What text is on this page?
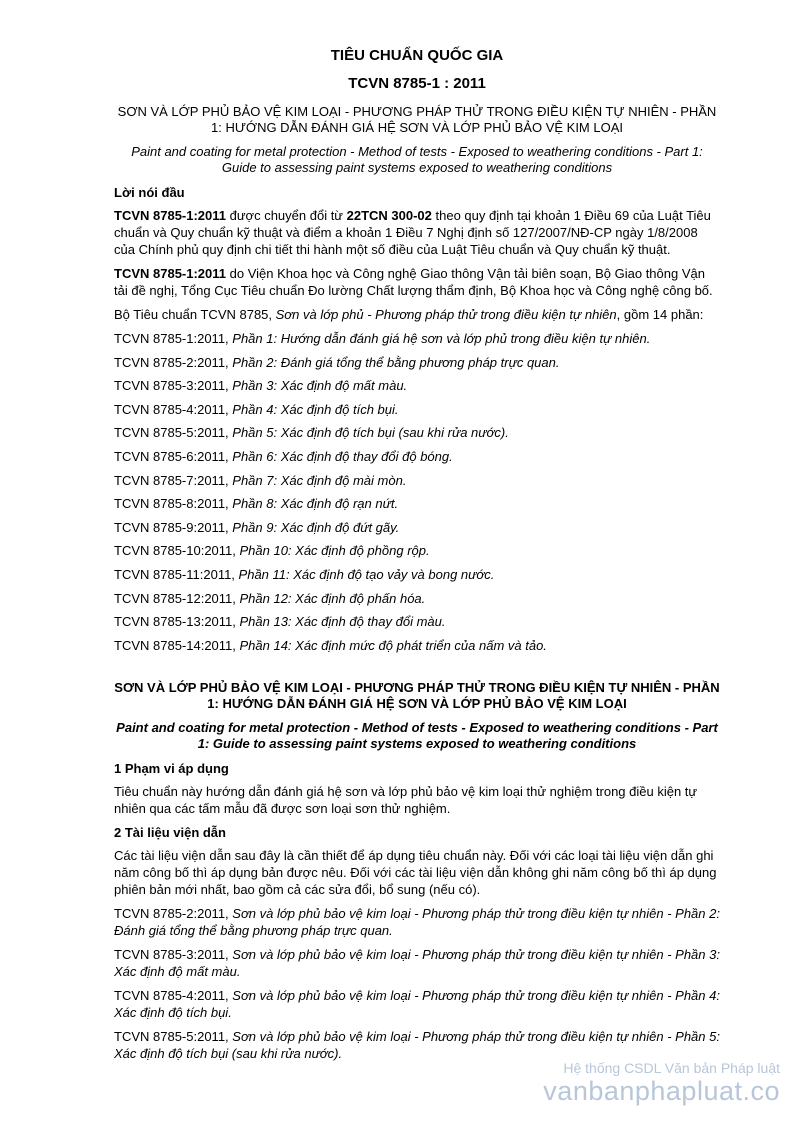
TIÊU CHUẨN QUỐC GIA
TCVN 8785-1 : 2011
SƠN VÀ LỚP PHỦ BẢO VỆ KIM LOẠI - PHƯƠNG PHÁP THỬ TRONG ĐIỀU KIỆN TỰ NHIÊN - PHẦN 1: HƯỚNG DẪN ĐÁNH GIÁ HỆ SƠN VÀ LỚP PHỦ BẢO VỆ KIM LOẠI
Paint and coating for metal protection - Method of tests - Exposed to weathering conditions - Part 1: Guide to assessing paint systems exposed to weathering conditions
Lời nói đầu

TCVN 8785-1:2011 được chuyển đổi từ 22TCN 300-02 theo quy định tại khoản 1 Điều 69 của Luật Tiêu chuẩn và Quy chuẩn kỹ thuật và điểm a khoản 1 Điều 7 Nghị định số 127/2007/NĐ-CP ngày 1/8/2008 của Chính phủ quy định chi tiết thi hành một số điều của Luật Tiêu chuẩn và Quy chuẩn kỹ thuật.

TCVN 8785-1:2011 do Viện Khoa học và Công nghệ Giao thông Vận tải biên soạn, Bộ Giao thông Vận tải đề nghị, Tổng Cục Tiêu chuẩn Đo lường Chất lượng thẩm định, Bộ Khoa học và Công nghệ công bố.

Bộ Tiêu chuẩn TCVN 8785, Sơn và lớp phủ - Phương pháp thử trong điều kiện tự nhiên, gồm 14 phần:

TCVN 8785-1:2011, Phần 1: Hướng dẫn đánh giá hệ sơn và lớp phủ trong điều kiện tự nhiên.
TCVN 8785-2:2011, Phần 2: Đánh giá tổng thể bằng phương pháp trực quan.
TCVN 8785-3:2011, Phần 3: Xác định độ mất màu.
TCVN 8785-4:2011, Phần 4: Xác định độ tích bụi.
TCVN 8785-5:2011, Phần 5: Xác định độ tích bụi (sau khi rửa nước).
TCVN 8785-6:2011, Phần 6: Xác định độ thay đổi độ bóng.
TCVN 8785-7:2011, Phần 7: Xác định độ mài mòn.
TCVN 8785-8:2011, Phần 8: Xác định độ rạn nứt.
TCVN 8785-9:2011, Phần 9: Xác định độ đứt gãy.
TCVN 8785-10:2011, Phần 10: Xác định độ phồng rộp.
TCVN 8785-11:2011, Phần 11: Xác định độ tạo vảy và bong nước.
TCVN 8785-12:2011, Phần 12: Xác định độ phấn hóa.
TCVN 8785-13:2011, Phần 13: Xác định độ thay đổi màu.
TCVN 8785-14:2011, Phần 14: Xác định mức độ phát triển của nấm và tảo.
SƠN VÀ LỚP PHỦ BẢO VỆ KIM LOẠI - PHƯƠNG PHÁP THỬ TRONG ĐIỀU KIỆN TỰ NHIÊN - PHẦN 1: HƯỚNG DẪN ĐÁNH GIÁ HỆ SƠN VÀ LỚP PHỦ BẢO VỆ KIM LOẠI
Paint and coating for metal protection - Method of tests - Exposed to weathering conditions - Part 1: Guide to assessing paint systems exposed to weathering conditions
1 Phạm vi áp dụng

Tiêu chuẩn này hướng dẫn đánh giá hệ sơn và lớp phủ bảo vệ kim loại thử nghiệm trong điều kiện tự nhiên qua các tấm mẫu đã được sơn loại sơn thử nghiệm.

2 Tài liệu viện dẫn

Các tài liệu viện dẫn sau đây là cần thiết để áp dụng tiêu chuẩn này. Đối với các loại tài liệu viện dẫn ghi năm công bố thì áp dụng bản được nêu. Đối với các tài liệu viện dẫn không ghi năm công bố thì áp dụng phiên bản mới nhất, bao gồm cả các sửa đổi, bổ sung (nếu có).

TCVN 8785-2:2011, Sơn và lớp phủ bảo vệ kim loại - Phương pháp thử trong điều kiện tự nhiên - Phần 2: Đánh giá tổng thể bằng phương pháp trực quan.

TCVN 8785-3:2011, Sơn và lớp phủ bảo vệ kim loại - Phương pháp thử trong điều kiện tự nhiên - Phần 3: Xác định độ mất màu.

TCVN 8785-4:2011, Sơn và lớp phủ bảo vệ kim loại - Phương pháp thử trong điều kiện tự nhiên - Phần 4: Xác định độ tích bụi.

TCVN 8785-5:2011, Sơn và lớp phủ bảo vệ kim loại - Phương pháp thử trong điều kiện tự nhiên - Phần 5: Xác định độ tích bụi (sau khi rửa nước).

Hệ thống CSDL Văn bản Pháp luật
vanbanphapluat.co
